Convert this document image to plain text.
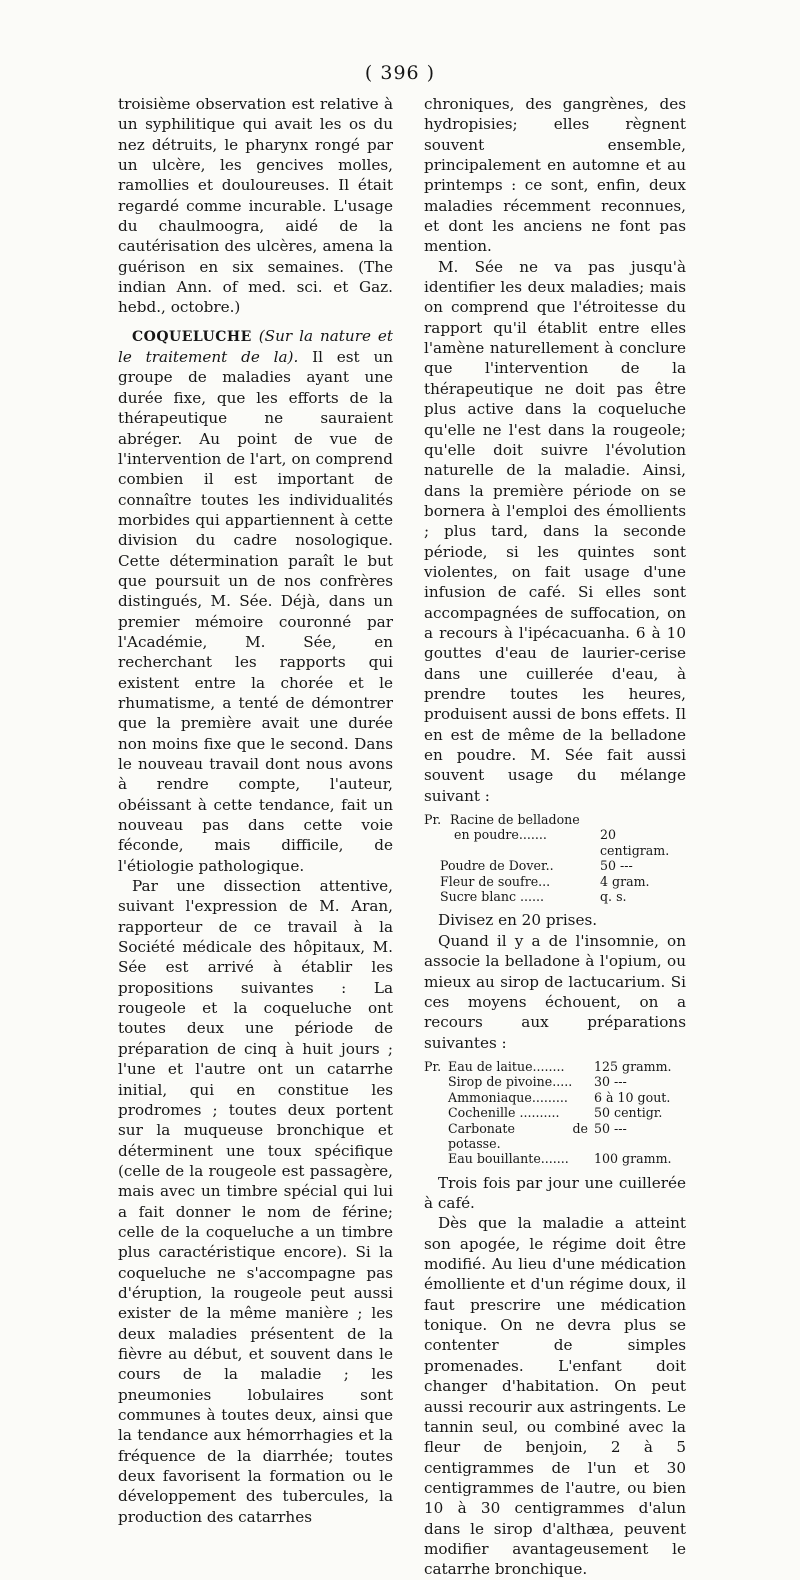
( 396 )

troisième observation est relative à un syphilitique qui avait les os du nez détruits, le pharynx rongé par un ulcère, les gencives molles, ramollies et douloureuses. Il était regardé comme incurable. L'usage du chaulmoogra, aidé de la cautérisation des ulcères, amena la guérison en six semaines. (The indian Ann. of med. sci. et Gaz. hebd., octobre.)

COQUELUCHE (Sur la nature et le traitement de la). Il est un groupe de maladies ayant une durée fixe, que les efforts de la thérapeutique ne sauraient abréger. Au point de vue de l'intervention de l'art, on comprend combien il est important de connaître toutes les individualités morbides qui appartiennent à cette division du cadre nosologique. Cette détermination paraît le but que poursuit un de nos confrères distingués, M. Sée. Déjà, dans un premier mémoire couronné par l'Académie, M. Sée, en recherchant les rapports qui existent entre la chorée et le rhumatisme, a tenté de démontrer que la première avait une durée non moins fixe que le second. Dans le nouveau travail dont nous avons à rendre compte, l'auteur, obéissant à cette tendance, fait un nouveau pas dans cette voie féconde, mais difficile, de l'étiologie pathologique.

Par une dissection attentive, suivant l'expression de M. Aran, rapporteur de ce travail à la Société médicale des hôpitaux, M. Sée est arrivé à établir les propositions suivantes : La rougeole et la coqueluche ont toutes deux une période de préparation de cinq à huit jours ; l'une et l'autre ont un catarrhe initial, qui en constitue les prodromes ; toutes deux portent sur la muqueuse bronchique et déterminent une toux spécifique (celle de la rougeole est passagère, mais avec un timbre spécial qui lui a fait donner le nom de férine; celle de la coqueluche a un timbre plus caractéristique encore). Si la coqueluche ne s'accompagne pas d'éruption, la rougeole peut aussi exister de la même manière ; les deux maladies présentent de la fièvre au début, et souvent dans le cours de la maladie ; les pneumonies lobulaires sont communes à toutes deux, ainsi que la tendance aux hémorrhagies et la fréquence de la diarrhée; toutes deux favorisent la formation ou le développement des tubercules, la production des catarrhes

chroniques, des gangrènes, des hydropisies; elles règnent souvent ensemble, principalement en automne et au printemps : ce sont, enfin, deux maladies récemment reconnues, et dont les anciens ne font pas mention.

M. Sée ne va pas jusqu'à identifier les deux maladies; mais on comprend que l'étroitesse du rapport qu'il établit entre elles l'amène naturellement à conclure que l'intervention de la thérapeutique ne doit pas être plus active dans la coqueluche qu'elle ne l'est dans la rougeole; qu'elle doit suivre l'évolution naturelle de la maladie. Ainsi, dans la première période on se bornera à l'emploi des émollients ; plus tard, dans la seconde période, si les quintes sont violentes, on fait usage d'une infusion de café. Si elles sont accompagnées de suffocation, on a recours à l'ipécacuanha. 6 à 10 gouttes d'eau de laurier-cerise dans une cuillerée d'eau, à prendre toutes les heures, produisent aussi de bons effets. Il en est de même de la belladone en poudre. M. Sée fait aussi souvent usage du mélange suivant :

Pr. Racine de belladone
en poudre.......	20 centigram.
Poudre de Dover..	50 ---
Fleur de soufre...	4 gram.
Sucre blanc ......	q. s.

Divisez en 20 prises.

Quand il y a de l'insomnie, on associe la belladone à l'opium, ou mieux au sirop de lactucarium. Si ces moyens échouent, on a recours aux préparations suivantes :

Pr. Eau de laitue........	125 gramm.
Sirop de pivoine.....	30 ---
Ammoniaque.........	6 à 10 gout.
Cochenille ..........	50 centigr.
Carbonate de potasse.
50 ---
Eau bouillante.......	100 gramm.

Trois fois par jour une cuillerée à café.

Dès que la maladie a atteint son apogée, le régime doit être modifié. Au lieu d'une médication émolliente et d'un régime doux, il faut prescrire une médication tonique. On ne devra plus se contenter de simples promenades. L'enfant doit changer d'habitation. On peut aussi recourir aux astringents. Le tannin seul, ou combiné avec la fleur de benjoin, 2 à 5 centigrammes de l'un et 30 centigrammes de l'autre, ou bien 10 à 30 centigrammes d'alun dans le sirop d'althæa, peuvent modifier avantageusement le catarrhe bronchique.
